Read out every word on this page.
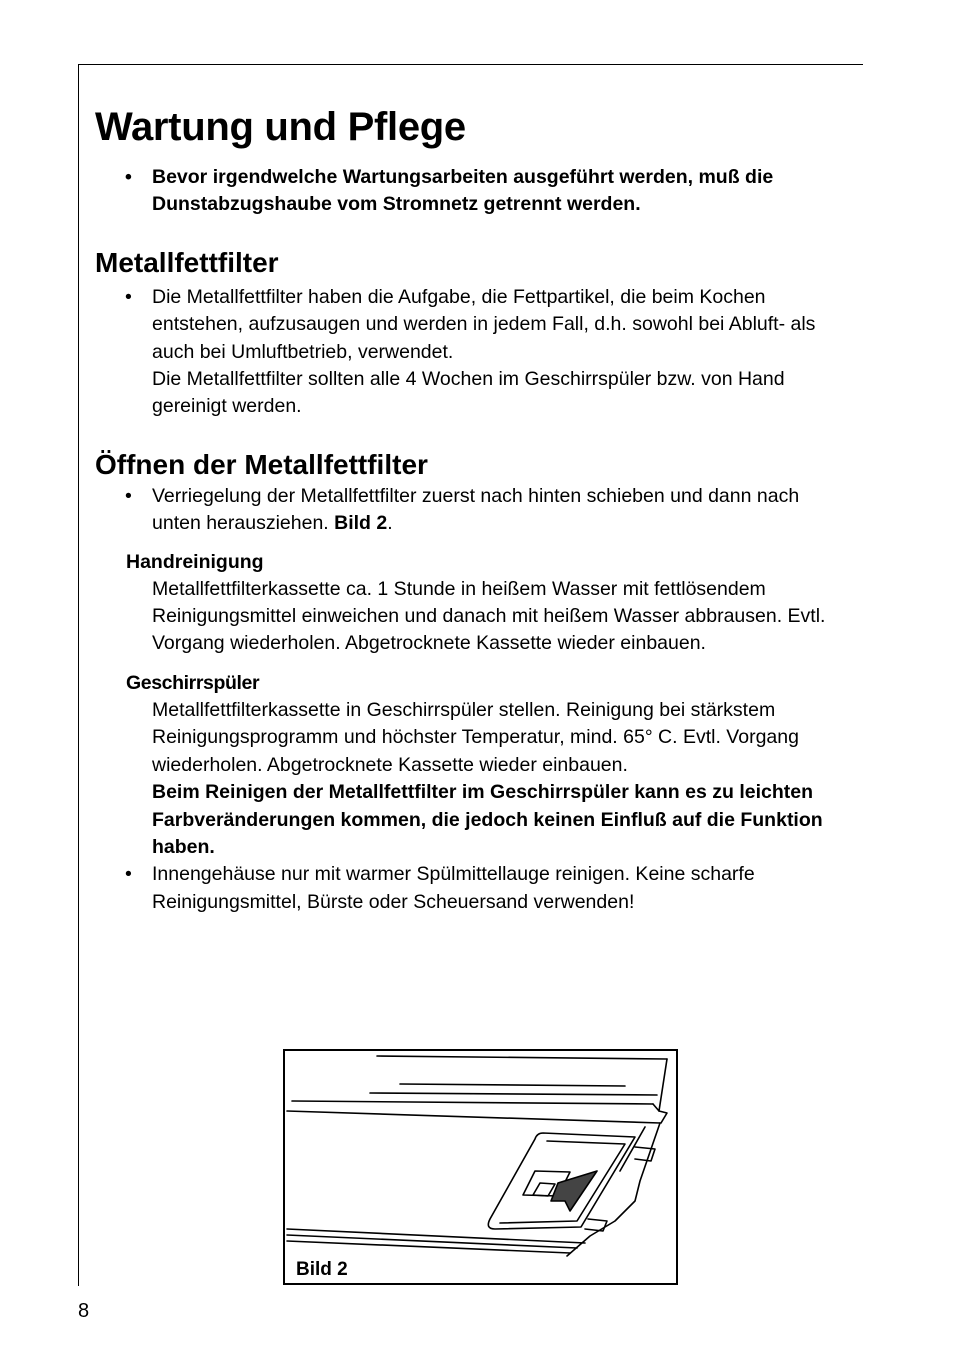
Wartung und Pflege
• Bevor irgendwelche Wartungsarbeiten ausgeführt werden, muß die Dunstabzugshaube vom Stromnetz getrennt werden.
Metallfettfilter
• Die Metallfettfilter haben die Aufgabe, die Fettpartikel, die beim Kochen entstehen, aufzusaugen und werden in jedem Fall, d.h. sowohl bei Abluft- als auch bei Umluftbetrieb, verwendet.
Die Metallfettfilter sollten alle 4 Wochen im Geschirrspüler bzw. von Hand gereinigt werden.
Öffnen der Metallfettfilter
• Verriegelung der Metallfettfilter zuerst nach hinten schieben und dann nach unten herausziehen. Bild 2.
Handreinigung
Metallfettfilterkassette ca. 1 Stunde in heißem Wasser mit fettlösendem Reinigungsmittel einweichen und danach mit heißem Wasser abbrausen. Evtl. Vorgang wiederholen. Abgetrocknete Kassette wieder einbauen.
Geschirrspüler
Metallfettfilterkassette in Geschirrspüler stellen. Reinigung bei stärkstem Reinigungsprogramm und höchster Temperatur, mind. 65° C. Evtl. Vorgang wiederholen. Abgetrocknete Kassette wieder einbauen.
Beim Reinigen der Metallfettfilter im Geschirrspüler kann es zu leichten Farbveränderungen kommen, die jedoch keinen Einfluß auf die Funktion haben.
• Innengehäuse nur mit warmer Spülmittellauge reinigen. Keine scharfe Reinigungsmittel, Bürste oder Scheuersand verwenden!
Bild 2
8
